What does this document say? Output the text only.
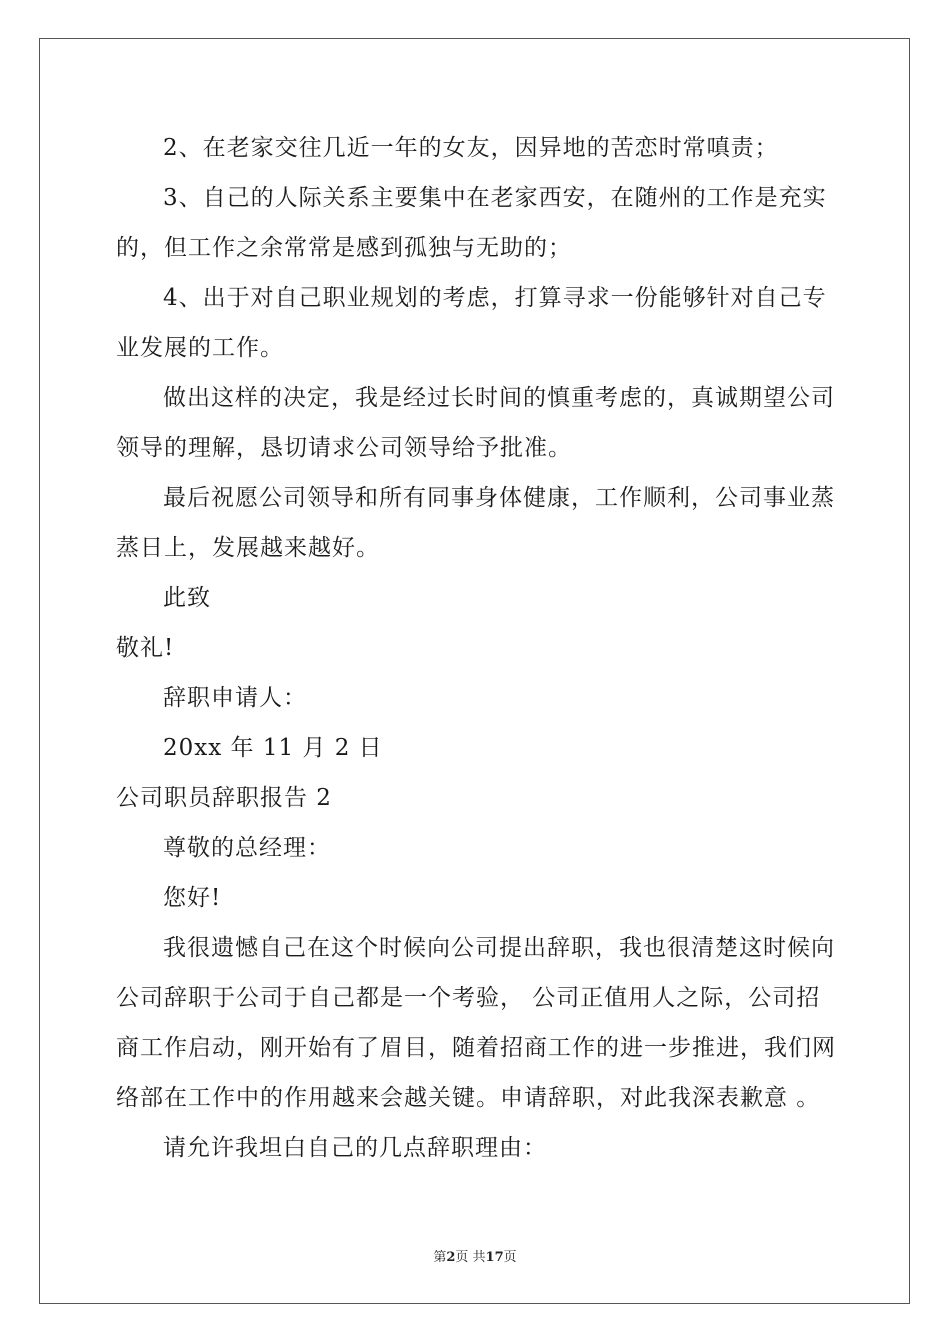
2、在老家交往几近一年的女友，因异地的苦恋时常嗔责；
3、自己的人际关系主要集中在老家西安，在随州的工作是充实
的，但工作之余常常是感到孤独与无助的；
4、出于对自己职业规划的考虑，打算寻求一份能够针对自己专
业发展的工作。
做出这样的决定，我是经过长时间的慎重考虑的，真诚期望公司
领导的理解，恳切请求公司领导给予批准。
最后祝愿公司领导和所有同事身体健康，工作顺利，公司事业蒸
蒸日上，发展越来越好。
此致
敬礼!
辞职申请人：
20xx 年 11 月 2 日
公司职员辞职报告 2
尊敬的总经理：
您好!
我很遗憾自己在这个时候向公司提出辞职，我也很清楚这时候向
公司辞职于公司于自己都是一个考验， 公司正值用人之际，公司招
商工作启动，刚开始有了眉目，随着招商工作的进一步推进，我们网
络部在工作中的作用越来会越关键。申请辞职，对此我深表歉意 。
请允许我坦白自己的几点辞职理由：
第2页 共17页
